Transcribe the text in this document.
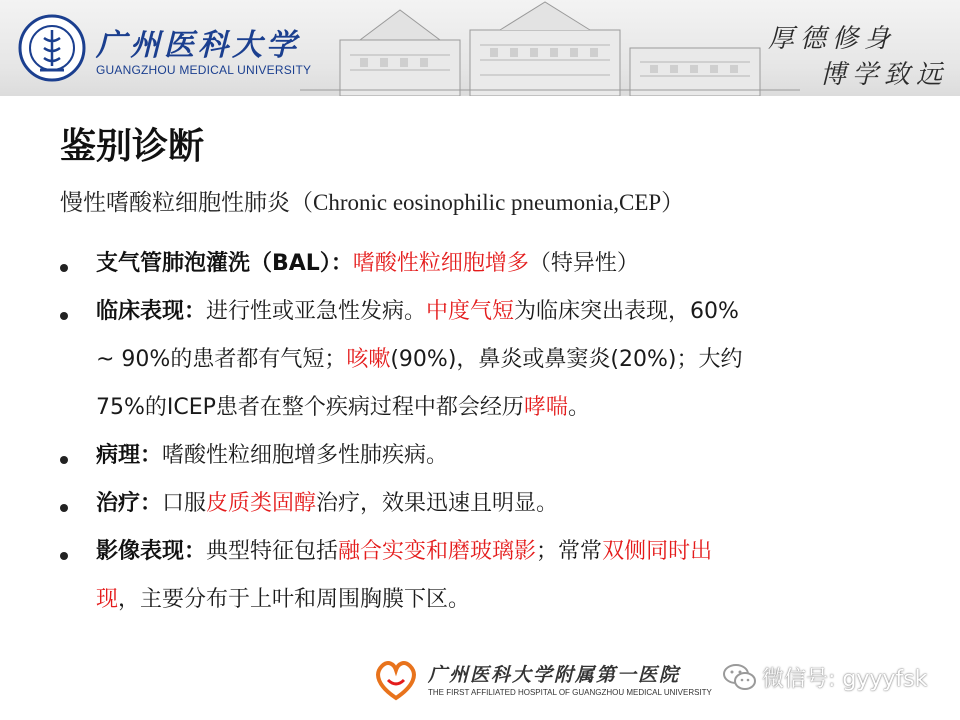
广州医科大学
GUANGZHOU MEDICAL UNIVERSITY
厚德修身
博学致远
鉴别诊断
慢性嗜酸粒细胞性肺炎（Chronic eosinophilic pneumonia,CEP）
支气管肺泡灌洗（BAL）：嗜酸性粒细胞增多（特异性）
临床表现：进行性或亚急性发病。中度气短为临床突出表现，60%
~ 90%的患者都有气短；咳嗽(90%)，鼻炎或鼻窦炎(20%)；大约
75%的ICEP患者在整个疾病过程中都会经历哮喘。
病理：嗜酸性粒细胞增多性肺疾病。
治疗：口服皮质类固醇治疗，效果迅速且明显。
影像表现：典型特征包括融合实变和磨玻璃影；常常双侧同时出
现，主要分布于上叶和周围胸膜下区。
广州医科大学附属第一医院
THE FIRST AFFILIATED HOSPITAL OF GUANGZHOU MEDICAL UNIVERSITY
微信号: gyyyfsk
